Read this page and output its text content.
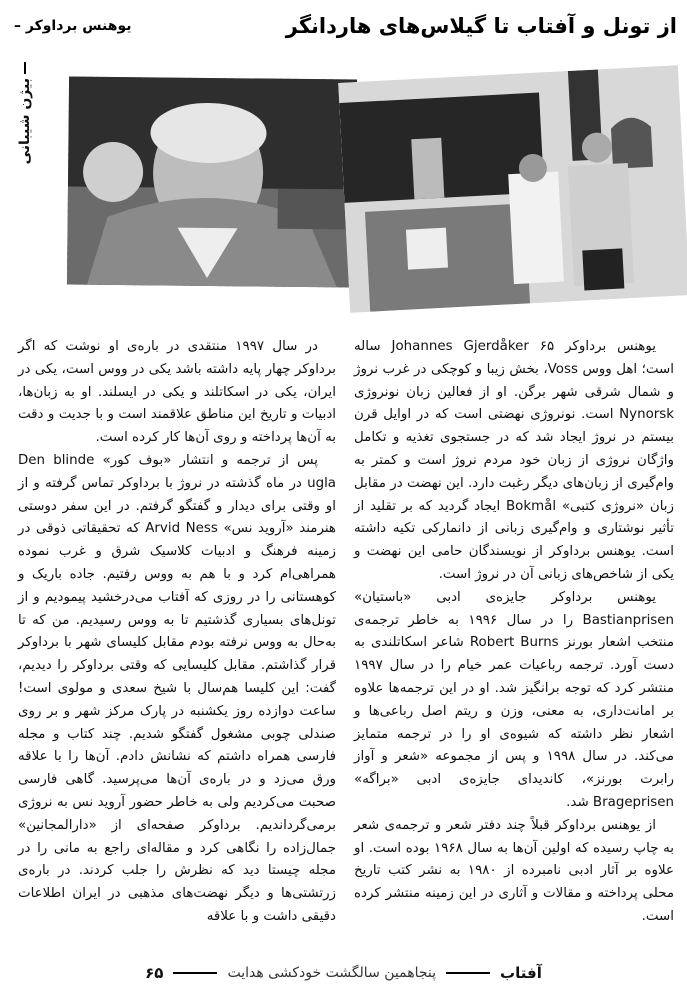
از تونل و آفتاب تا گیلاس‌های هاردانگر
یوهنس برداوکر –
بیژن شیبانی

یوهنس برداوکر Johannes Gjerdåker ۶۵ ساله است؛ اهل ووس Voss، بخش زیبا و کوچکی در غرب نروژ و شمال شرقی شهر برگن. او از فعالین زبان نونروژی Nynorsk است. نونروژی نهضتی است که در اوایل قرن بیستم در نروژ ایجاد شد که در جستجوی تغذیه و تکامل واژگان نروژی از زبان خود مردم نروژ است و کمتر به وام‌گیری از زبان‌های دیگر رغبت دارد. این نهضت در مقابل زبان «نروژی کتبی» Bokmål ایجاد گردید که بر تقلید از تأثیر نوشتاری و وام‌گیری زبانی از دانمارکی تکیه داشته است. یوهنس برداوکر از نویسندگان حامی این نهضت و یکی از شاخص‌های زبانی آن در نروژ است.

یوهنس برداوکر جایزه‌ی ادبی «باستیان» Bastianprisen را در سال ۱۹۹۶ به خاطر ترجمه‌ی منتخب اشعار بورنز Robert Burns شاعر اسکاتلندی به دست آورد. ترجمه رباعیات عمر خیام را در سال ۱۹۹۷ منتشر کرد که توجه برانگیز شد. او در این ترجمه‌ها علاوه بر امانت‌داری، به معنی، وزن و ریتم اصل رباعی‌ها و اشعار نظر داشته که شیوه‌ی او را در ترجمه متمایز می‌کند. در سال ۱۹۹۸ و پس از مجموعه «شعر و آواز رابرت بورنز»، کاندیدای جایزه‌ی ادبی «براگه» Brageprisen شد.

از یوهنس برداوکر قبلاً چند دفتر شعر و ترجمه‌ی شعر به چاپ رسیده که اولین آن‌ها به سال ۱۹۶۸ بوده است. او علاوه بر آثار ادبی نامبرده از ۱۹۸۰ به نشر کتب تاریخ محلی پرداخته و مقالات و آثاری در این زمینه منتشر کرده است.

در سال ۱۹۹۷ منتقدی در باره‌ی او نوشت که اگر برداوکر چهار پایه داشته باشد یکی در ووس است، یکی در ایران، یکی در اسکاتلند و یکی در ایسلند. او به زبان‌ها، ادبیات و تاریخ این مناطق علاقمند است و با جدیت و دقت به آن‌ها پرداخته و روی آن‌ها کار کرده است.

پس از ترجمه و انتشار «بوف کور» Den blinde ugla در ماه گذشته در نروژ با برداوکر تماس گرفته و از او وقتی برای دیدار و گفتگو گرفتم. در این سفر دوستی هنرمند «آروید نس» Arvid Ness که تحقیقاتی ذوقی در زمینه فرهنگ و ادبیات کلاسیک شرق و غرب نموده همراهی‌ام کرد و با هم به ووس رفتیم. جاده باریک و کوهستانی را در روزی که آفتاب می‌درخشید پیمودیم و از تونل‌های بسیاری گذشتیم تا به ووس رسیدیم. من که تا به‌حال به ووس نرفته بودم مقابل کلیسای شهر با برداوکر قرار گذاشتم. مقابل کلیسایی که وقتی برداوکر را دیدیم، گفت: این کلیسا هم‌سال با شیخ سعدی و مولوی است! ساعت دوازده روز یکشنبه در پارک مرکز شهر و بر روی صندلی چوبی مشغول گفتگو شدیم. چند کتاب و مجله فارسی همراه داشتم که نشانش دادم. آن‌ها را با علاقه ورق می‌زد و در باره‌ی آن‌ها می‌پرسید. گاهی فارسی صحبت می‌کردیم ولی به خاطر حضور آروید نس به نروژی برمی‌گرداندیم. برداوکر صفحه‌ای از «دارالمجانین» جمال‌زاده را نگاهی کرد و مقاله‌ای راجع به مانی را در مجله چیستا دید که نظرش را جلب کردند. در باره‌ی زرتشتی‌ها و دیگر نهضت‌های مذهبی در ایران اطلاعات دقیقی داشت و با علاقه

آفتاب
پنجاهمین سالگشت خودکشی هدایت
۶۵
